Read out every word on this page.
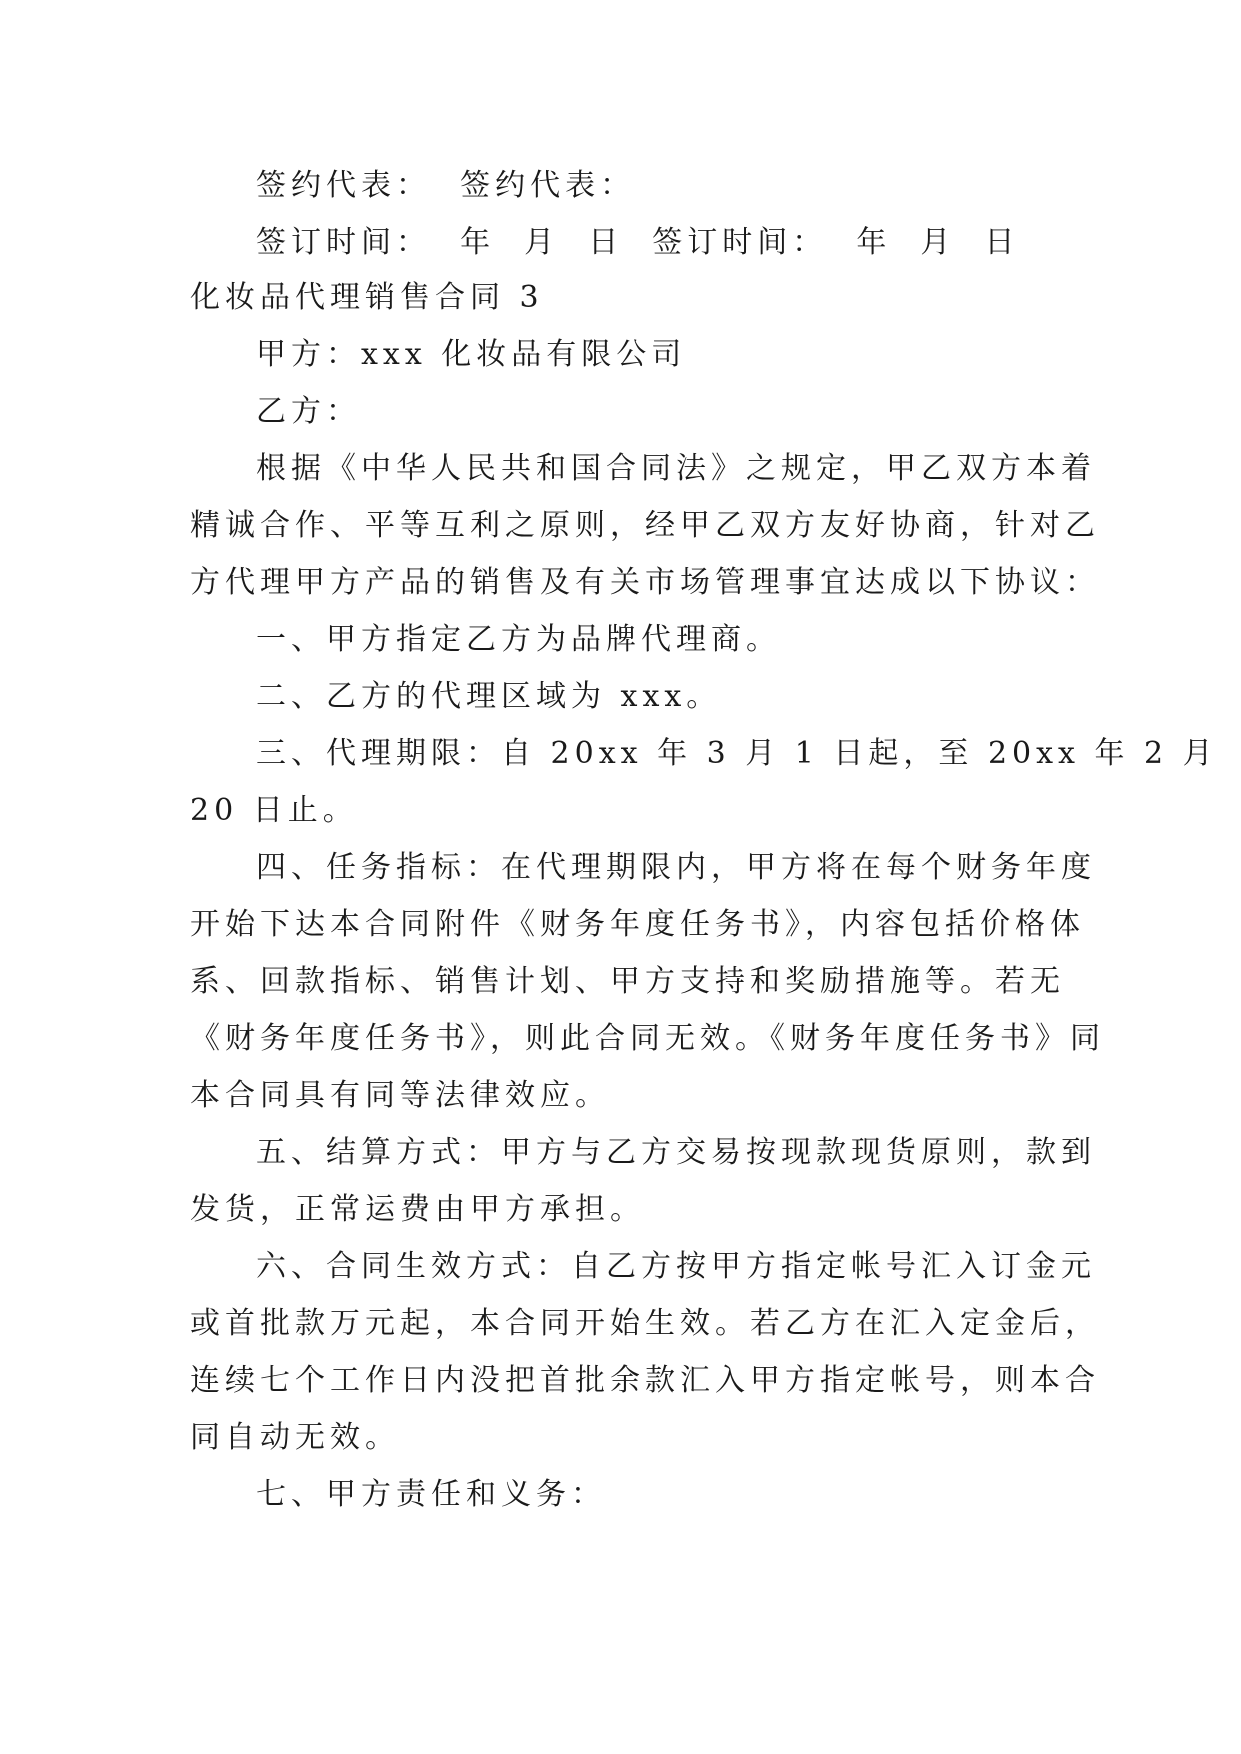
签约代表：  签约代表：
签订时间：  年  月  日  签订时间：  年  月  日
化妆品代理销售合同 3
甲方：xxx 化妆品有限公司
乙方：
根据《中华人民共和国合同法》之规定，甲乙双方本着
精诚合作、平等互利之原则，经甲乙双方友好协商，针对乙
方代理甲方产品的销售及有关市场管理事宜达成以下协议：
一、甲方指定乙方为品牌代理商。
二、乙方的代理区域为 xxx。
三、代理期限：自 20xx 年 3 月 1 日起，至 20xx 年 2 月
20 日止。
四、任务指标：在代理期限内，甲方将在每个财务年度
开始下达本合同附件《财务年度任务书》，内容包括价格体
系、回款指标、销售计划、甲方支持和奖励措施等。若无
《财务年度任务书》，则此合同无效。《财务年度任务书》同
本合同具有同等法律效应。
五、结算方式：甲方与乙方交易按现款现货原则，款到
发货，正常运费由甲方承担。
六、合同生效方式：自乙方按甲方指定帐号汇入订金元
或首批款万元起，本合同开始生效。若乙方在汇入定金后，
连续七个工作日内没把首批余款汇入甲方指定帐号，则本合
同自动无效。
七、甲方责任和义务：
